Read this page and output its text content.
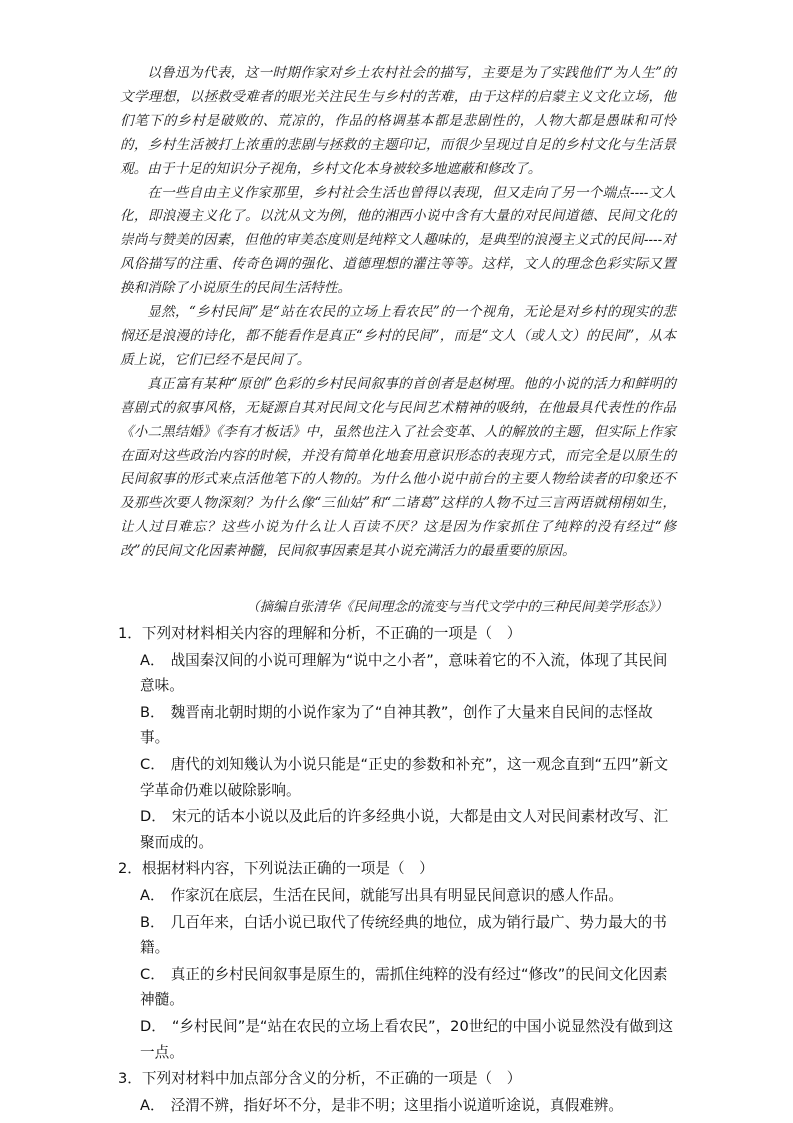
以鲁迅为代表，这一时期作家对乡土农村社会的描写，主要是为了实践他们“为人生”的文学理想，以拯救受难者的眼光关注民生与乡村的苦难，由于这样的启蒙主义文化立场，他们笔下的乡村是破败的、荒凉的，作品的格调基本都是悲剧性的，人物大都是愚昧和可怜的，乡村生活被打上浓重的悲剧与拯救的主题印记，而很少呈现过自足的乡村文化与生活景观。由于十足的知识分子视角，乡村文化本身被较多地遮蔽和修改了。

在一些自由主义作家那里，乡村社会生活也曾得以表现，但又走向了另一个端点----文人化，即浪漫主义化了。以沈从文为例，他的湘西小说中含有大量的对民间道德、民间文化的崇尚与赞美的因素，但他的审美态度则是纯粹文人趣味的，是典型的浪漫主义式的民间----对风俗描写的注重、传奇色调的强化、道德理想的灌注等等。这样，文人的理念色彩实际又置换和消除了小说原生的民间生活特性。

显然，“乡村民间”是“站在农民的立场上看农民”的一个视角，无论是对乡村的现实的悲悯还是浪漫的诗化，都不能看作是真正“乡村的民间”，而是“文人（或人文）的民间”，从本质上说，它们已经不是民间了。

真正富有某种“原创”色彩的乡村民间叙事的首创者是赵树理。他的小说的活力和鲜明的喜剧式的叙事风格，无疑源自其对民间文化与民间艺术精神的吸纳，在他最具代表性的作品《小二黑结婚》《李有才板话》中，虽然也注入了社会变革、人的解放的主题，但实际上作家在面对这些政治内容的时候，并没有简单化地套用意识形态的表现方式，而完全是以原生的民间叙事的形式来点活他笔下的人物的。为什么他小说中前台的主要人物给读者的印象还不及那些次要人物深刻？为什么像“三仙姑”和“二诸葛”这样的人物不过三言两语就栩栩如生，让人过目难忘？这些小说为什么让人百读不厌？这是因为作家抓住了纯粹的没有经过“修改”的民间文化因素神髓，民间叙事因素是其小说充满活力的最重要的原因。

（摘编自张清华《民间理念的流变与当代文学中的三种民间美学形态》）
1．下列对材料相关内容的理解和分析，不正确的一项是（　）
A． 战国秦汉间的小说可理解为“说中之小者”，意味着它的不入流，体现了其民间意味。
B． 魏晋南北朝时期的小说作家为了“自神其教”，创作了大量来自民间的志怪故事。
C． 唐代的刘知幾认为小说只能是“正史的参数和补充”，这一观念直到“五四”新文学革命仍难以破除影响。
D． 宋元的话本小说以及此后的许多经典小说，大都是由文人对民间素材改写、汇聚而成的。
2．根据材料内容，下列说法正确的一项是（　）
A． 作家沉在底层，生活在民间，就能写出具有明显民间意识的感人作品。
B． 几百年来，白话小说已取代了传统经典的地位，成为销行最广、势力最大的书籍。
C． 真正的乡村民间叙事是原生的，需抓住纯粹的没有经过“修改”的民间文化因素神髓。
D． “乡村民间”是“站在农民的立场上看农民”，20世纪的中国小说显然没有做到这一点。
3．下列对材料中加点部分含义的分析，不正确的一项是（　）
A． 泾渭不辨，指好坏不分，是非不明；这里指小说道听途说，真假难辨。
